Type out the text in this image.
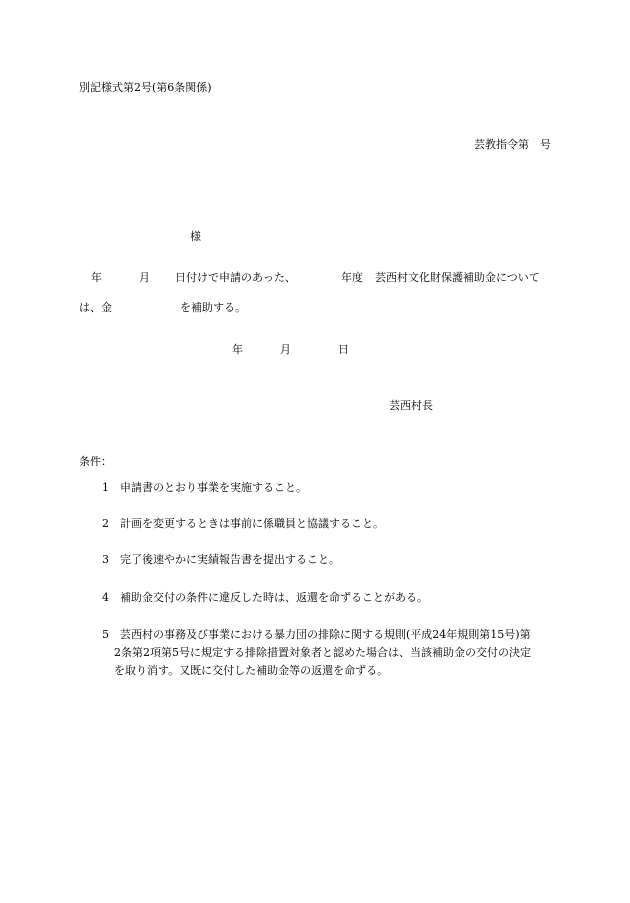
別記様式第2号(第6条関係)
芸教指令第　号
様
年	月 日付けで申請のあった、	年度 芸西村文化財保護補助金について
は、金	を補助する。
年	月	日
芸西村長
条件：
1 申請書のとおり事業を実施すること。
2 計画を変更するときは事前に係職員と協議すること。
3 完了後速やかに実績報告書を提出すること。
4 補助金交付の条件に違反した時は、返還を命ずることがある。
5 芸西村の事務及び事業における暴力団の排除に関する規則(平成24年規則第15号)第
2条第2項第5号に規定する排除措置対象者と認めた場合は、当該補助金の交付の決定
を取り消す。又既に交付した補助金等の返還を命ずる。
